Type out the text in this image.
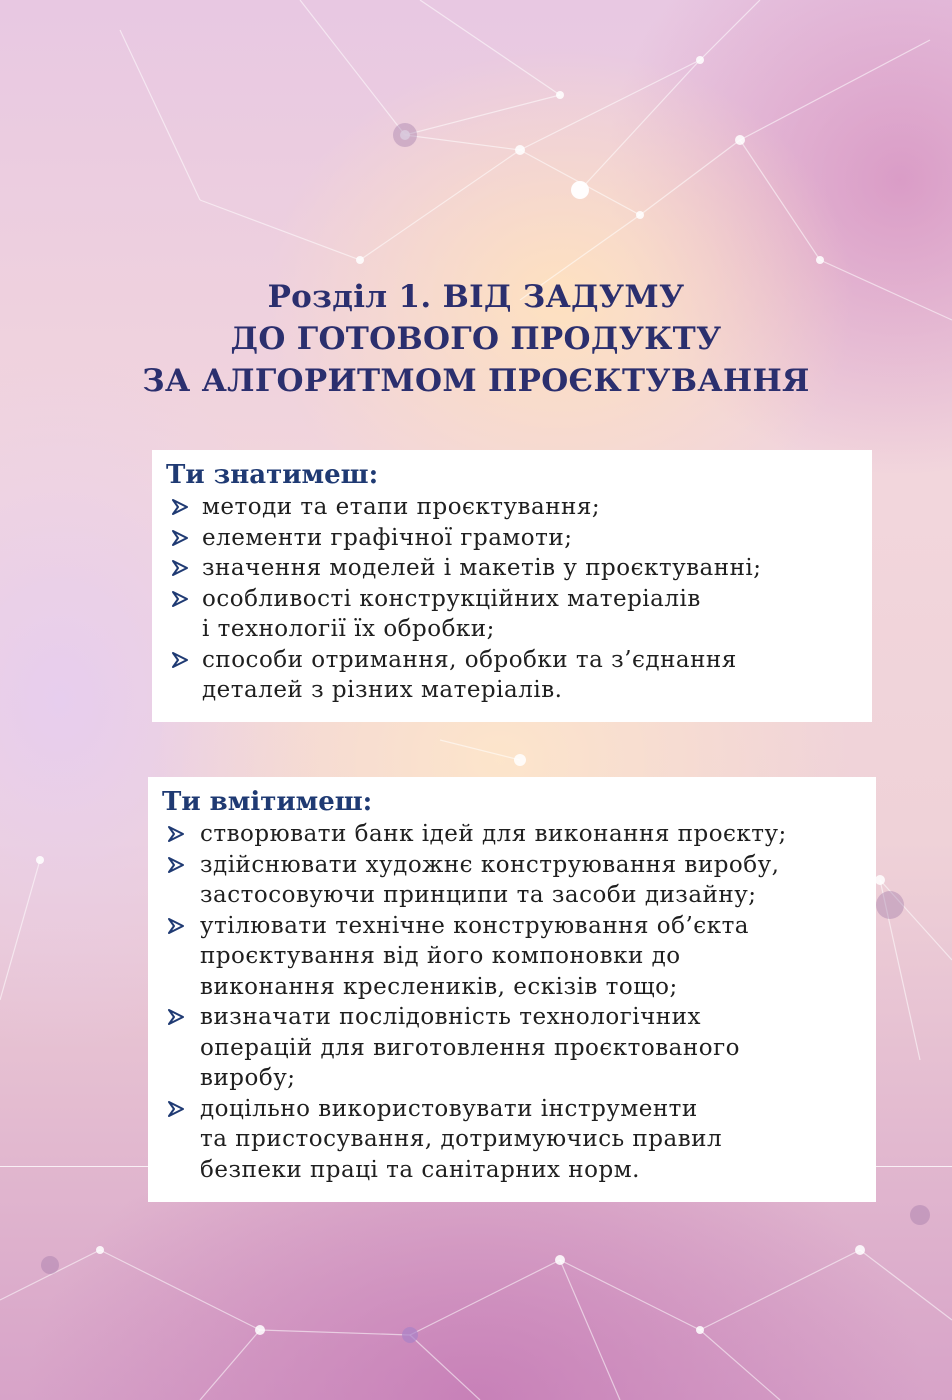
Розділ 1. ВІД ЗАДУМУ
ДО ГОТОВОГО ПРОДУКТУ
ЗА АЛГОРИТМОМ ПРОЄКТУВАННЯ
Ти знатимеш:
методи та етапи проєктування;
елементи графічної грамоти;
значення моделей і макетів у проєктуванні;
особливості конструкційних матеріалів
і технології їх обробки;
способи отримання, обробки та з’єднання
деталей з різних матеріалів.
Ти вмітимеш:
створювати банк ідей для виконання проєкту;
здійснювати художнє конструювання виробу,
застосовуючи принципи та засоби дизайну;
утілювати технічне конструювання об’єкта
проєктування від його компоновки до
виконання креслеників, ескізів тощо;
визначати послідовність технологічних
операцій для виготовлення проєктованого
виробу;
доцільно використовувати інструменти
та пристосування, дотримуючись правил
безпеки праці та санітарних норм.
